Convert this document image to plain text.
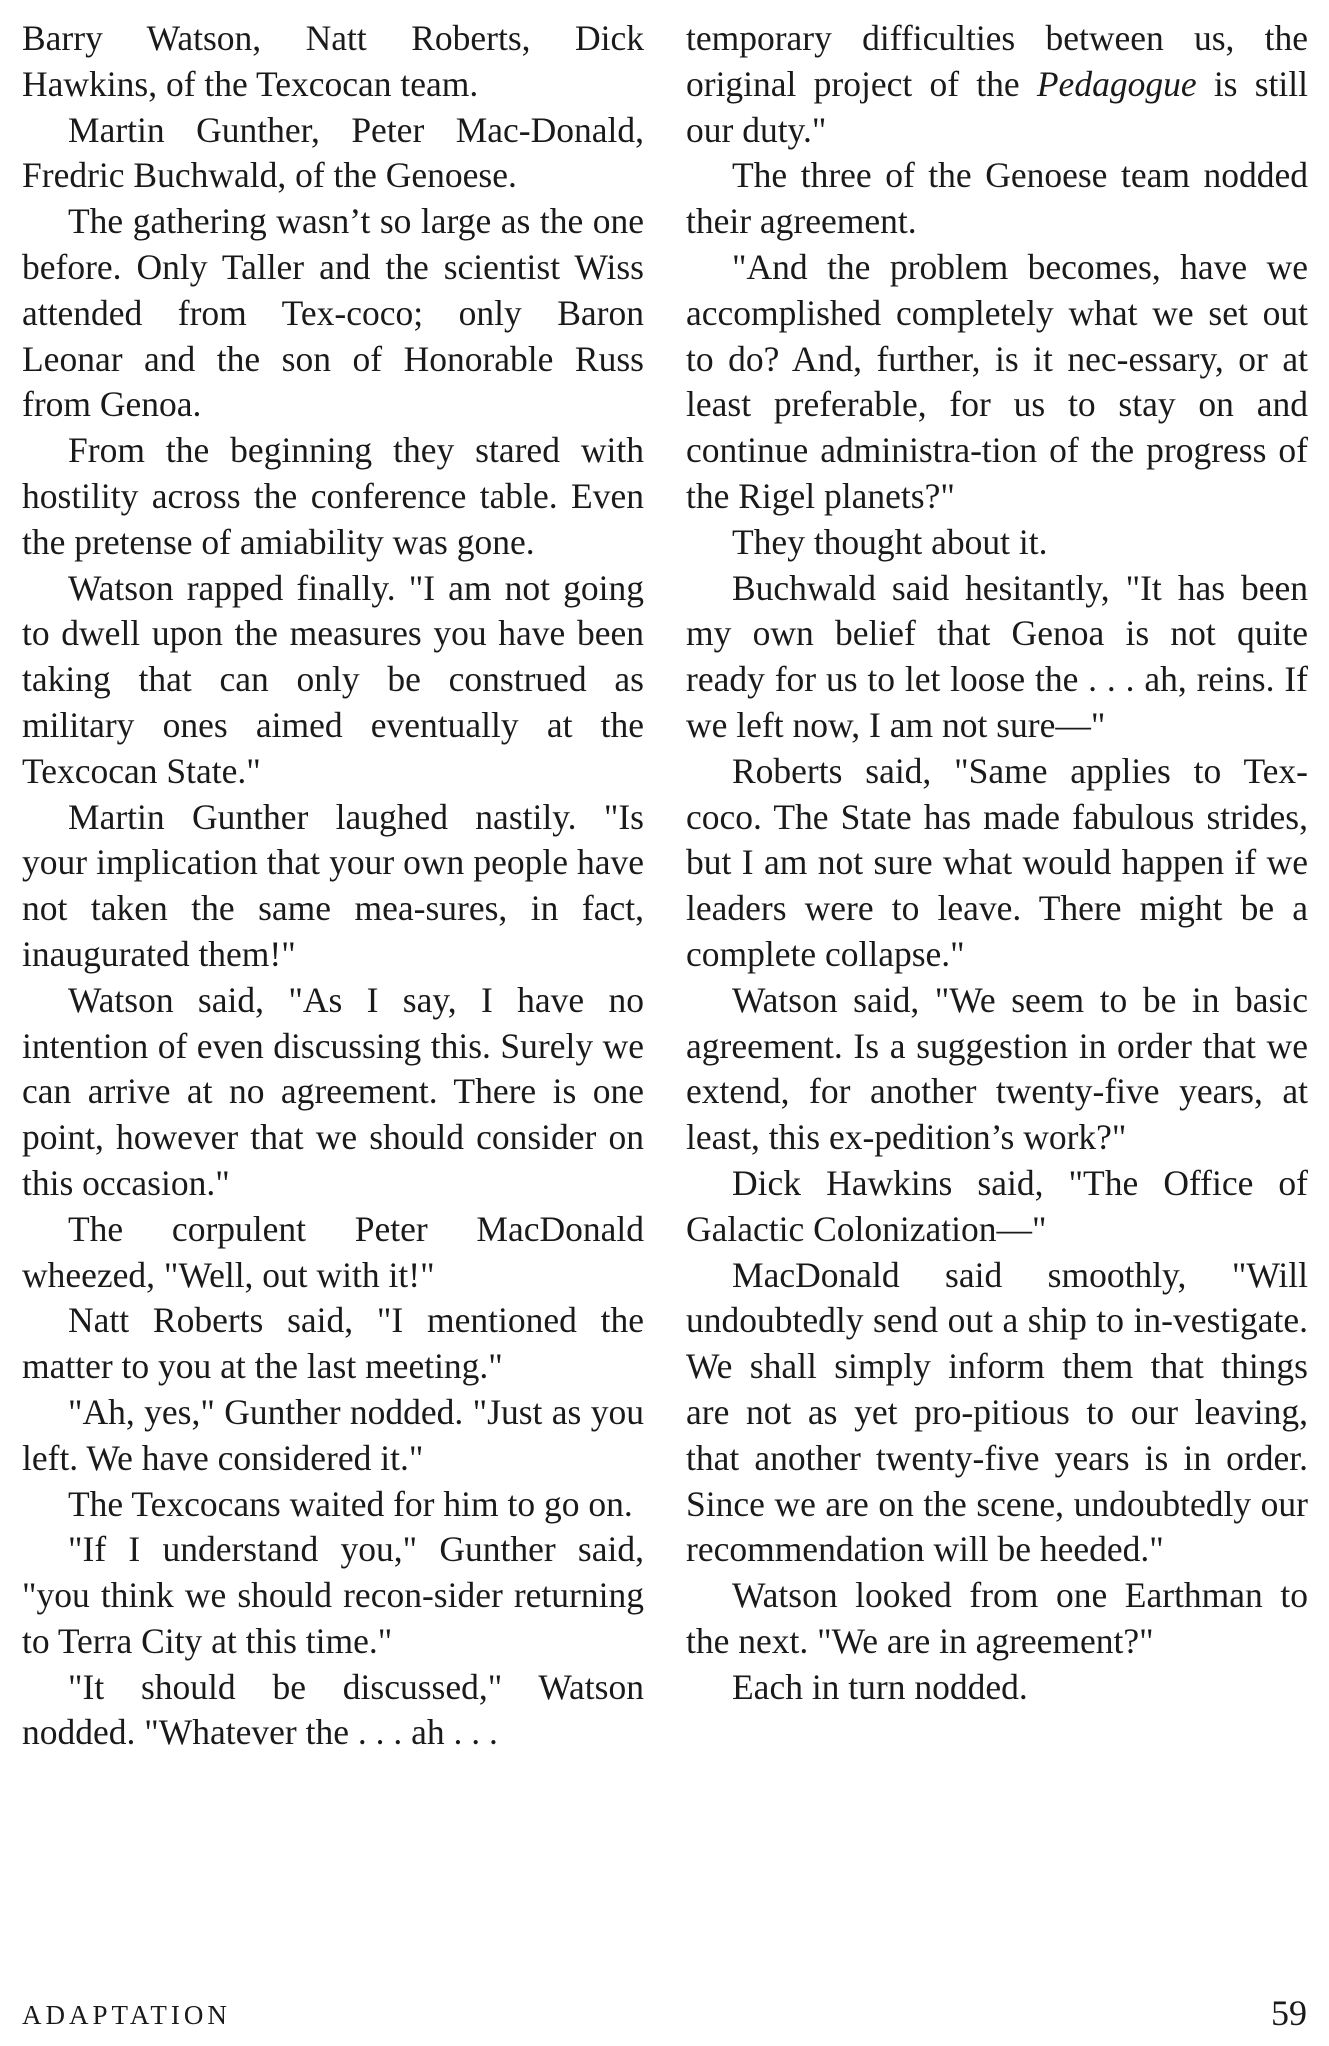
Barry Watson, Natt Roberts, Dick Hawkins, of the Texcocan team.

Martin Gunther, Peter Mac-Donald, Fredric Buchwald, of the Genoese.

The gathering wasn’t so large as the one before. Only Taller and the scientist Wiss attended from Tex-coco; only Baron Leonar and the son of Honorable Russ from Genoa.

From the beginning they stared with hostility across the conference table. Even the pretense of amiability was gone.

Watson rapped finally. "I am not going to dwell upon the measures you have been taking that can only be construed as military ones aimed eventually at the Texcocan State."

Martin Gunther laughed nastily. "Is your implication that your own people have not taken the same mea-sures, in fact, inaugurated them!"

Watson said, "As I say, I have no intention of even discussing this. Surely we can arrive at no agreement. There is one point, however that we should consider on this occasion."

The corpulent Peter MacDonald wheezed, "Well, out with it!"

Natt Roberts said, "I mentioned the matter to you at the last meeting."

"Ah, yes," Gunther nodded. "Just as you left. We have considered it."

The Texcocans waited for him to go on.

"If I understand you," Gunther said, "you think we should recon-sider returning to Terra City at this time."

"It should be discussed," Watson nodded. "Whatever the . . . ah . . .

temporary difficulties between us, the original project of the Pedagogue is still our duty."

The three of the Genoese team nodded their agreement.

"And the problem becomes, have we accomplished completely what we set out to do? And, further, is it nec-essary, or at least preferable, for us to stay on and continue administra-tion of the progress of the Rigel planets?"

They thought about it.

Buchwald said hesitantly, "It has been my own belief that Genoa is not quite ready for us to let loose the . . . ah, reins. If we left now, I am not sure—"

Roberts said, "Same applies to Tex-coco. The State has made fabulous strides, but I am not sure what would happen if we leaders were to leave. There might be a complete collapse."

Watson said, "We seem to be in basic agreement. Is a suggestion in order that we extend, for another twenty-five years, at least, this ex-pedition’s work?"

Dick Hawkins said, "The Office of Galactic Colonization—"

MacDonald said smoothly, "Will undoubtedly send out a ship to in-vestigate. We shall simply inform them that things are not as yet pro-pitious to our leaving, that another twenty-five years is in order. Since we are on the scene, undoubtedly our recommendation will be heeded."

Watson looked from one Earthman to the next. "We are in agreement?"

Each in turn nodded.

ADAPTATION	59
